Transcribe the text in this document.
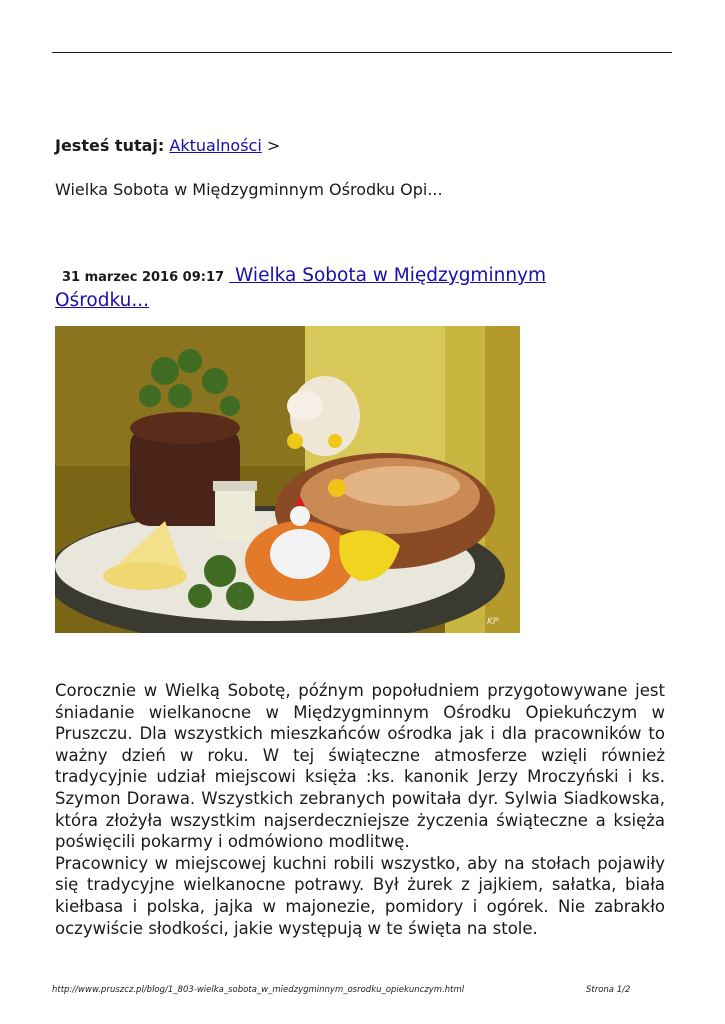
Jesteś tutaj: Aktualności >
Wielka Sobota w Międzygminnym Ośrodku Opi...
31 marzec 2016 09:17 Wielka Sobota w Międzygminnym Ośrodku...
KP

Corocznie w Wielką Sobotę, późnym popołudniem przygotowywane jest śniadanie wielkanocne w Międzygminnym Ośrodku Opiekuńczym w Pruszczu. Dla wszystkich mieszkańców ośrodka jak i dla pracowników to ważny dzień w roku. W tej świąteczne atmosferze wzięli również tradycyjnie udział miejscowi księża :ks. kanonik Jerzy Mroczyński i ks. Szymon Dorawa. Wszystkich zebranych powitała dyr. Sylwia Siadkowska, która złożyła wszystkim najserdeczniejsze życzenia świąteczne a księża poświęcili pokarmy i odmówiono modlitwę.

Pracownicy w miejscowej kuchni robili wszystko, aby na stołach pojawiły się tradycyjne wielkanocne potrawy. Był żurek z jajkiem, sałatka, biała kiełbasa i polska, jajka w majonezie, pomidory i ogórek. Nie zabrakło oczywiście słodkości, jakie występują w te święta na stole.

http://www.pruszcz.pl/blog/1_803-wielka_sobota_w_miedzygminnym_osrodku_opiekunczym.html	Strona 1/2
